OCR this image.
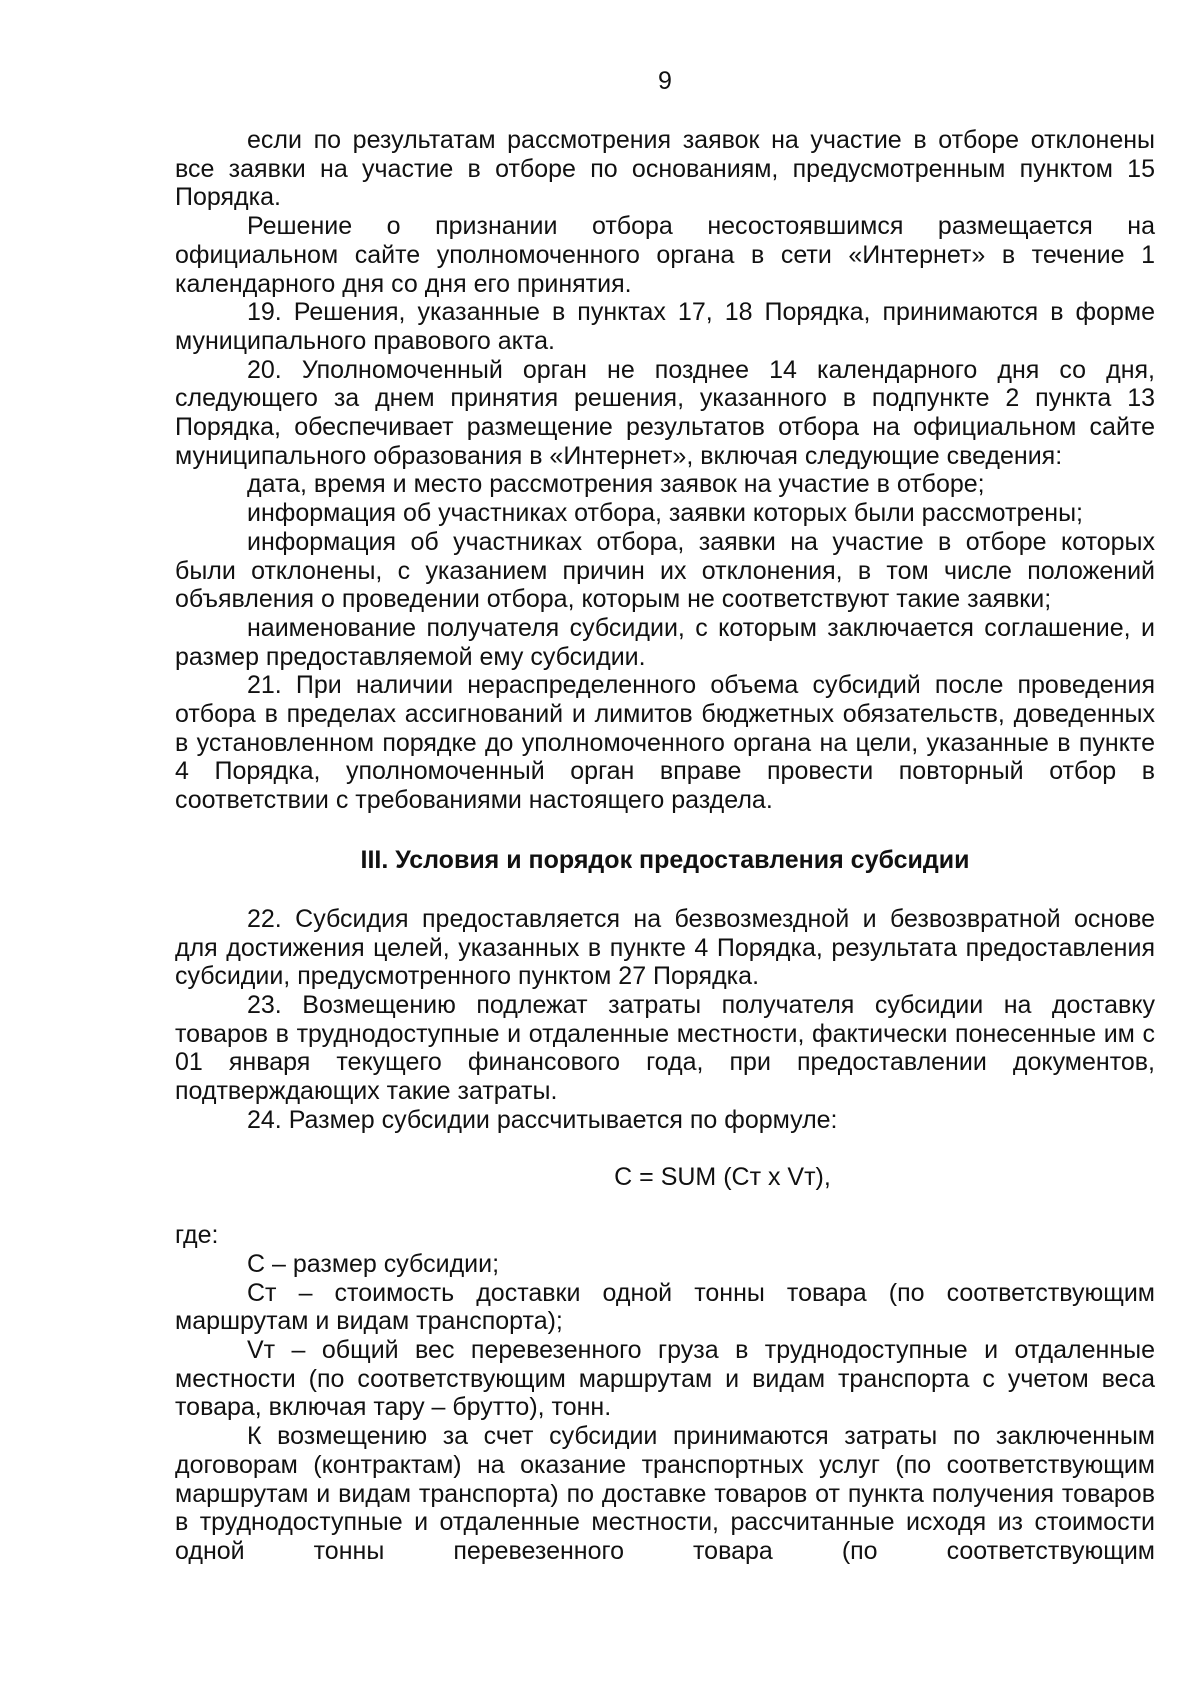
9

если по результатам рассмотрения заявок на участие в отборе отклонены все заявки на участие в отборе по основаниям, предусмотренным пунктом 15 Порядка.

Решение о признании отбора несостоявшимся размещается на официальном сайте уполномоченного органа в сети «Интернет» в течение 1 календарного дня со дня его принятия.

19. Решения, указанные в пунктах 17, 18 Порядка, принимаются в форме муниципального правового акта.

20. Уполномоченный орган не позднее 14 календарного дня со дня, следующего за днем принятия решения, указанного в подпункте 2 пункта 13 Порядка, обеспечивает размещение результатов отбора на официальном сайте муниципального образования в «Интернет», включая следующие сведения:

дата, время и место рассмотрения заявок на участие в отборе;

информация об участниках отбора, заявки которых были рассмотрены;

информация об участниках отбора, заявки на участие в отборе которых были отклонены, с указанием причин их отклонения, в том числе положений объявления о проведении отбора, которым не соответствуют такие заявки;

наименование получателя субсидии, с которым заключается соглашение, и размер предоставляемой ему субсидии.

21. При наличии нераспределенного объема субсидий после проведения отбора в пределах ассигнований и лимитов бюджетных обязательств, доведенных в установленном порядке до уполномоченного органа на цели, указанные в пункте 4 Порядка, уполномоченный орган вправе провести повторный отбор в соответствии с требованиями настоящего раздела.

III. Условия и порядок предоставления субсидии

22. Субсидия предоставляется на безвозмездной и безвозвратной основе для достижения целей, указанных в пункте 4 Порядка, результата предоставления субсидии, предусмотренного пунктом 27 Порядка.

23. Возмещению подлежат затраты получателя субсидии на доставку товаров в труднодоступные и отдаленные местности, фактически понесенные им с 01 января текущего финансового года, при предоставлении документов, подтверждающих такие затраты.

24. Размер субсидии рассчитывается по формуле:

С = SUM (Ст х Vт),

где:

С – размер субсидии;

Ст – стоимость доставки одной тонны товара (по соответствующим маршрутам и видам транспорта);

Vт – общий вес перевезенного груза в труднодоступные и отдаленные местности (по соответствующим маршрутам и видам транспорта с учетом веса товара, включая тару – брутто), тонн.

К возмещению за счет субсидии принимаются затраты по заключенным договорам (контрактам) на оказание транспортных услуг (по соответствующим маршрутам и видам транспорта) по доставке товаров от пункта получения товаров в труднодоступные и отдаленные местности, рассчитанные исходя из стоимости одной тонны перевезенного товара (по соответствующим
